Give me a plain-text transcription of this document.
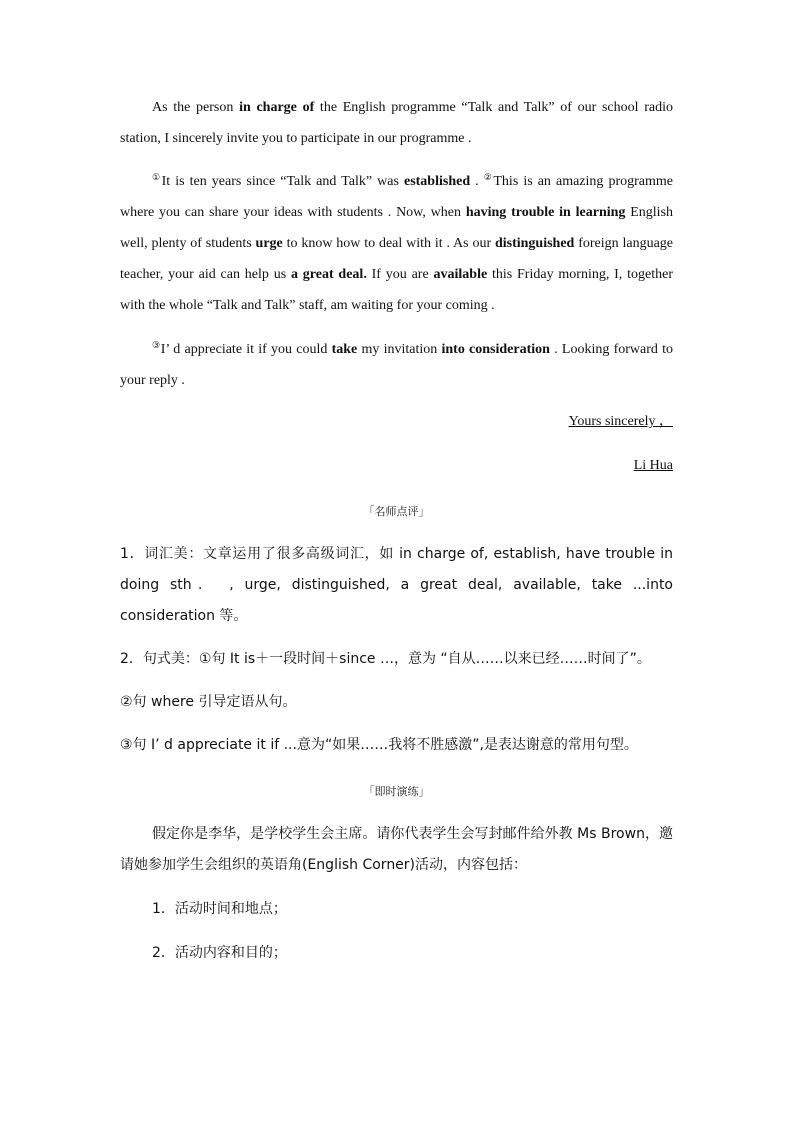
As the person in charge of the English programme “Talk and Talk” of our school radio station, I sincerely invite you to participate in our programme .

①It is ten years since “Talk and Talk” was established . ②This is an amazing programme where you can share your ideas with students . Now, when having trouble in learning English well, plenty of students urge to know how to deal with it . As our distinguished foreign language teacher, your aid can help us a great deal. If you are available this Friday morning, I, together with the whole “Talk and Talk” staff, am waiting for your coming .

③I’ d appreciate it if you could take my invitation into consideration . Looking forward to your reply .

Yours sincerely ，

Li Hua

「名师点评」

1．词汇美：文章运用了很多高级词汇，如 in charge of, establish, have trouble in doing sth． , urge, distinguished, a great deal, available, take ...into consideration 等。

2．句式美：①句 It is＋一段时间＋since …，意为 “自从……以来已经……时间了”。

②句 where 引导定语从句。

③句 I’ d appreciate it if ...意为“如果……我将不胜感激”,是表达谢意的常用句型。

「即时演练」

假定你是李华，是学校学生会主席。请你代表学生会写封邮件给外教 Ms Brown，邀请她参加学生会组织的英语角(English Corner)活动，内容包括：

1．活动时间和地点；

2．活动内容和目的；
